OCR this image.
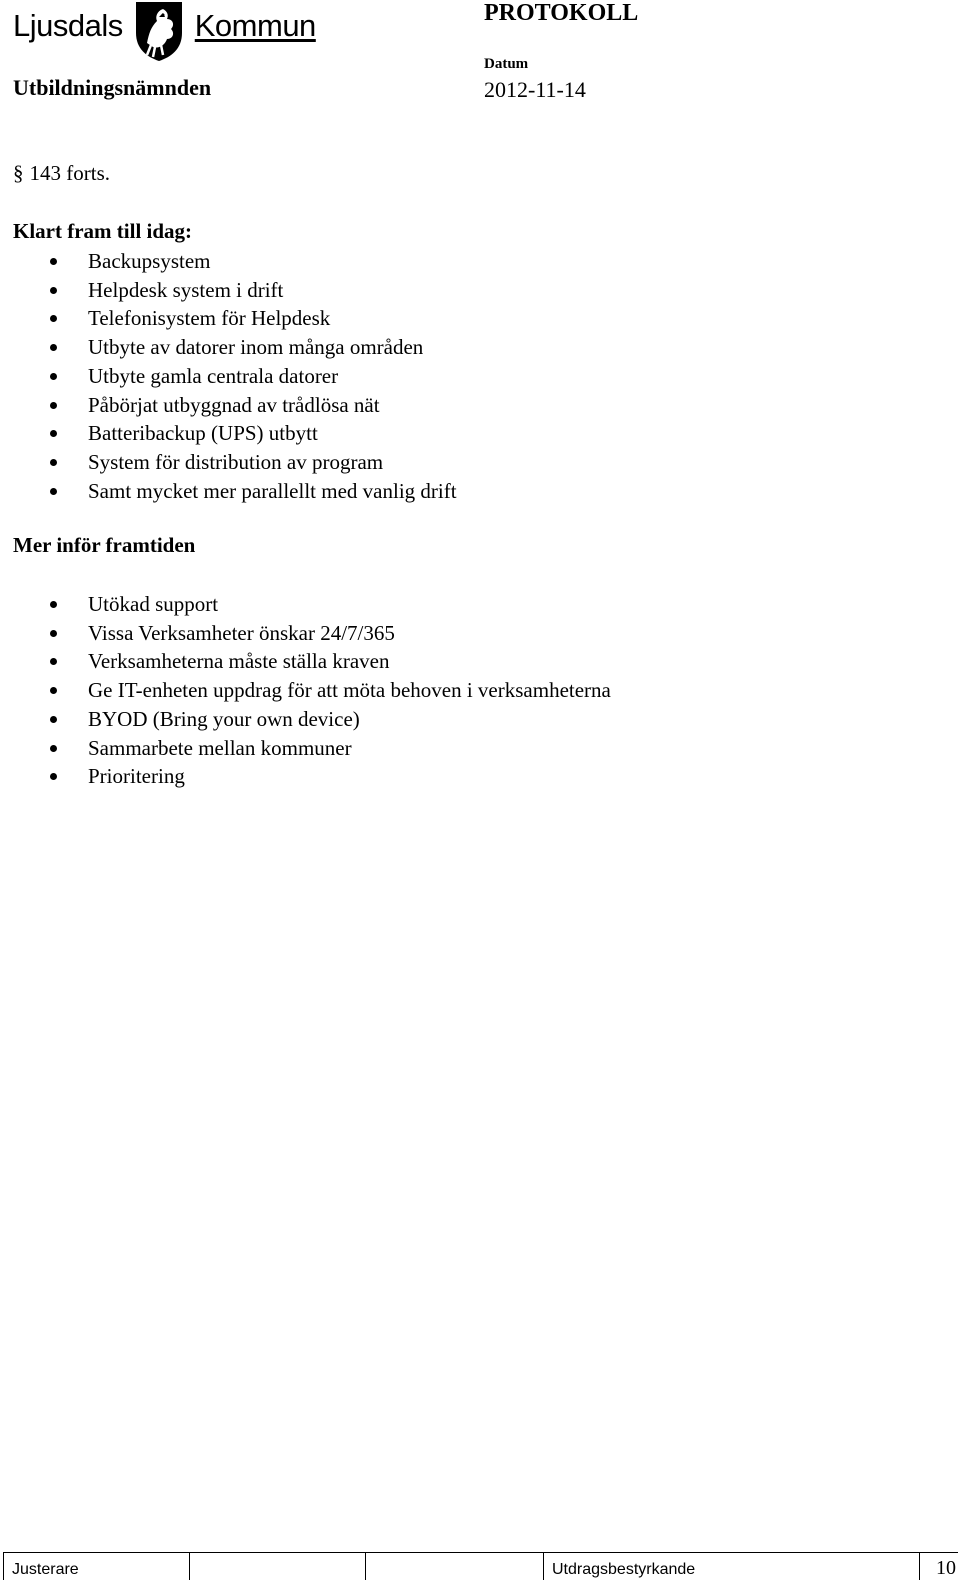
Ljusdals Kommun	PROTOKOLL
Datum
Utbildningsnämnden	2012-11-14
§ 143 forts.
Klart fram till idag:
Backupsystem
Helpdesk system i drift
Telefonisystem för Helpdesk
Utbyte av datorer inom många områden
Utbyte gamla centrala datorer
Påbörjat utbyggnad av trådlösa nät
Batteribackup (UPS) utbytt
System för distribution av program
Samt mycket mer parallellt med vanlig drift
Mer inför framtiden
Utökad support
Vissa Verksamheter önskar 24/7/365
Verksamheterna måste ställa kraven
Ge IT-enheten uppdrag för att möta behoven i verksamheterna
BYOD (Bring your own device)
Sammarbete mellan kommuner
Prioritering
Justerare	Utdragsbestyrkande	10
